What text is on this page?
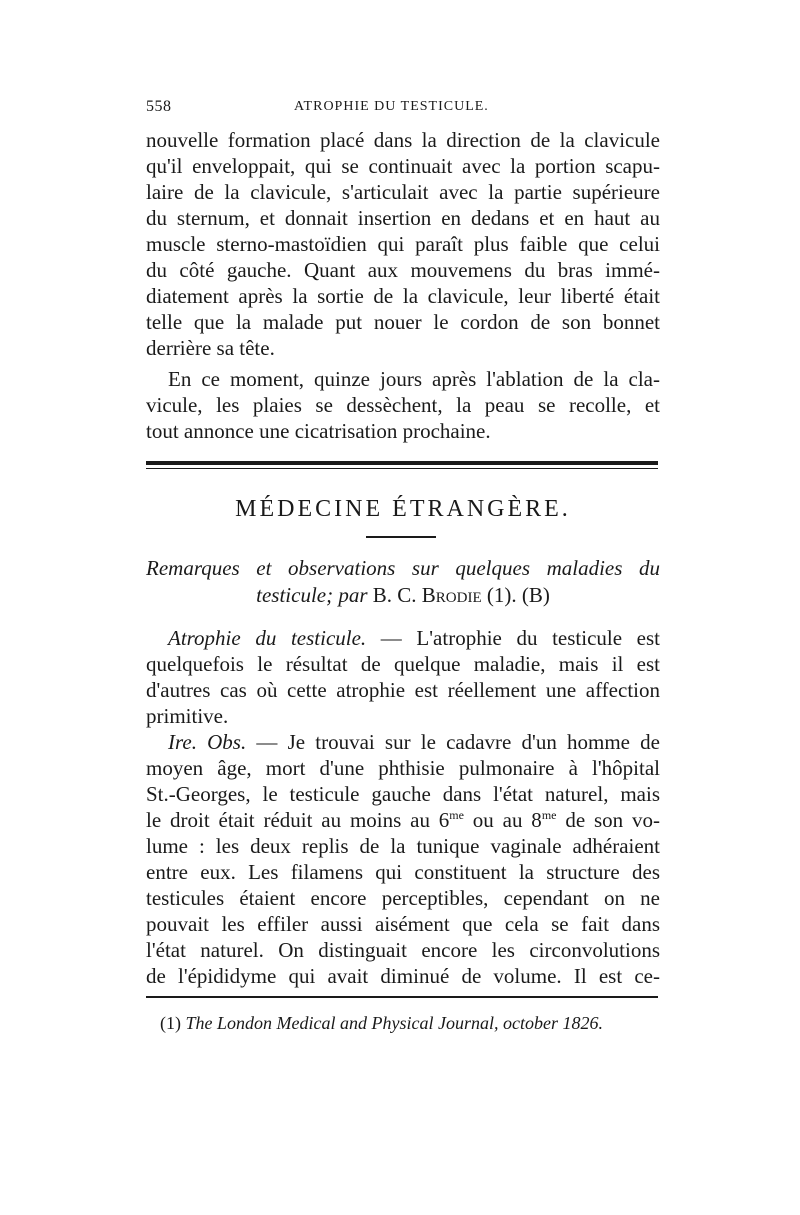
558	ATROPHIE DU TESTICULE.
nouvelle formation placé dans la direction de la clavicule
qu'il enveloppait, qui se continuait avec la portion scapu-
laire de la clavicule, s'articulait avec la partie supérieure
du sternum, et donnait insertion en dedans et en haut au
muscle sterno-mastoïdien qui paraît plus faible que celui
du côté gauche. Quant aux mouvemens du bras immé-
diatement après la sortie de la clavicule, leur liberté était
telle que la malade put nouer le cordon de son bonnet
derrière sa tête.
En ce moment, quinze jours après l'ablation de la cla-
vicule, les plaies se dessèchent, la peau se recolle, et
tout annonce une cicatrisation prochaine.
MÉDECINE ÉTRANGÈRE.
Remarques et observations sur quelques maladies du
testicule; par B. C. Brodie (1). (B)
Atrophie du testicule. — L'atrophie du testicule est
quelquefois le résultat de quelque maladie, mais il est
d'autres cas où cette atrophie est réellement une affection
primitive.
Ire. Obs. — Je trouvai sur le cadavre d'un homme de
moyen âge, mort d'une phthisie pulmonaire à l'hôpital
St.-Georges, le testicule gauche dans l'état naturel, mais
le droit était réduit au moins au $6^{me}$ ou au $8^{me}$ de son vo-
lume : les deux replis de la tunique vaginale adhéraient
entre eux. Les filamens qui constituent la structure des
testicules étaient encore perceptibles, cependant on ne
pouvait les effiler aussi aisément que cela se fait dans
l'état naturel. On distinguait encore les circonvolutions
de l'épididyme qui avait diminué de volume. Il est ce-
(1) The London Medical and Physical Journal, october 1826.
